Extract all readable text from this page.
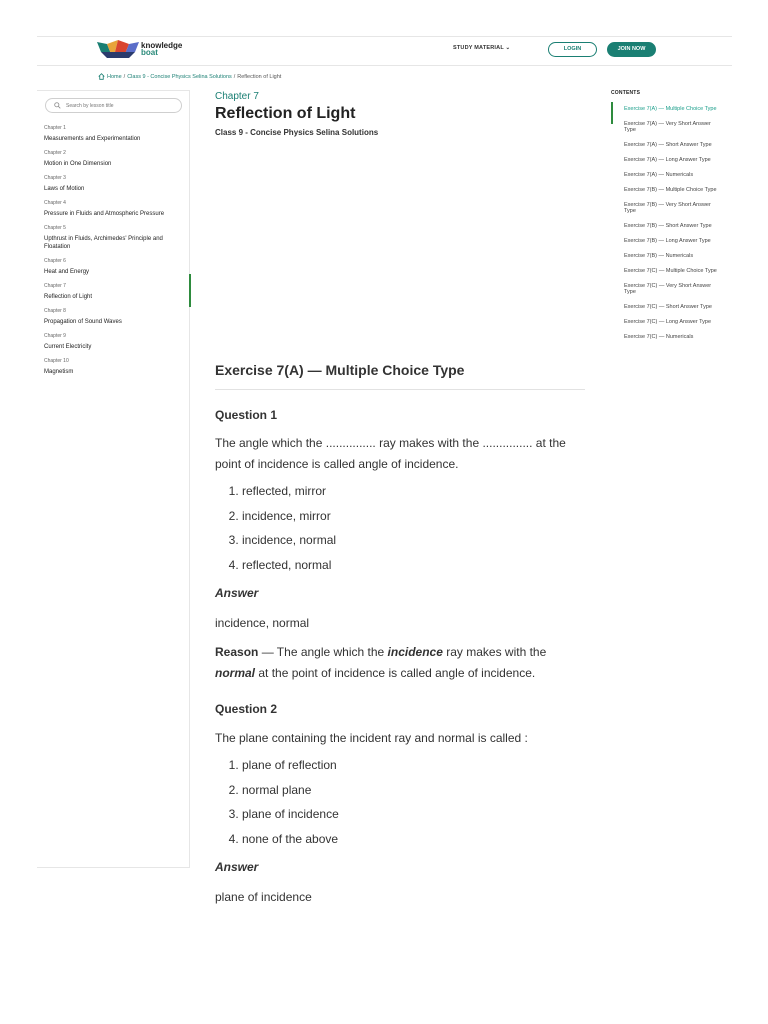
knowledge
boat	STUDY MATERIAL ⌄	LOGIN	JOIN NOW
Home / Class 9 - Concise Physics Selina Solutions / Reflection of Light
Search by lesson title
Chapter 1
Measurements and Experimentation
Chapter 2
Motion in One Dimension
Chapter 3
Laws of Motion
Chapter 4
Pressure in Fluids and Atmospheric Pressure
Chapter 5
Upthrust in Fluids, Archimedes' Principle and Floatation
Chapter 6
Heat and Energy
Chapter 7
Reflection of Light
Chapter 8
Propagation of Sound Waves
Chapter 9
Current Electricity
Chapter 10
Magnetism
Chapter 7
Reflection of Light
Class 9 - Concise Physics Selina Solutions
Exercise 7(A) — Multiple Choice Type
Question 1

The angle which the ............... ray makes with the ............... at the point of incidence is called angle of incidence.

1. reflected, mirror
2. incidence, mirror
3. incidence, normal
4. reflected, normal
Answer
incidence, normal

Reason — The angle which the incidence ray makes with the normal at the point of incidence is called angle of incidence.

Question 2

The plane containing the incident ray and normal is called :

1. plane of reflection
2. normal plane
3. plane of incidence
4. none of the above
Answer
plane of incidence
CONTENTS
Exercise 7(A) — Multiple Choice Type
Exercise 7(A) — Very Short Answer Type
Exercise 7(A) — Short Answer Type
Exercise 7(A) — Long Answer Type
Exercise 7(A) — Numericals
Exercise 7(B) — Multiple Choice Type
Exercise 7(B) — Very Short Answer Type
Exercise 7(B) — Short Answer Type
Exercise 7(B) — Long Answer Type
Exercise 7(B) — Numericals
Exercise 7(C) — Multiple Choice Type
Exercise 7(C) — Very Short Answer Type
Exercise 7(C) — Short Answer Type
Exercise 7(C) — Long Answer Type
Exercise 7(C) — Numericals
